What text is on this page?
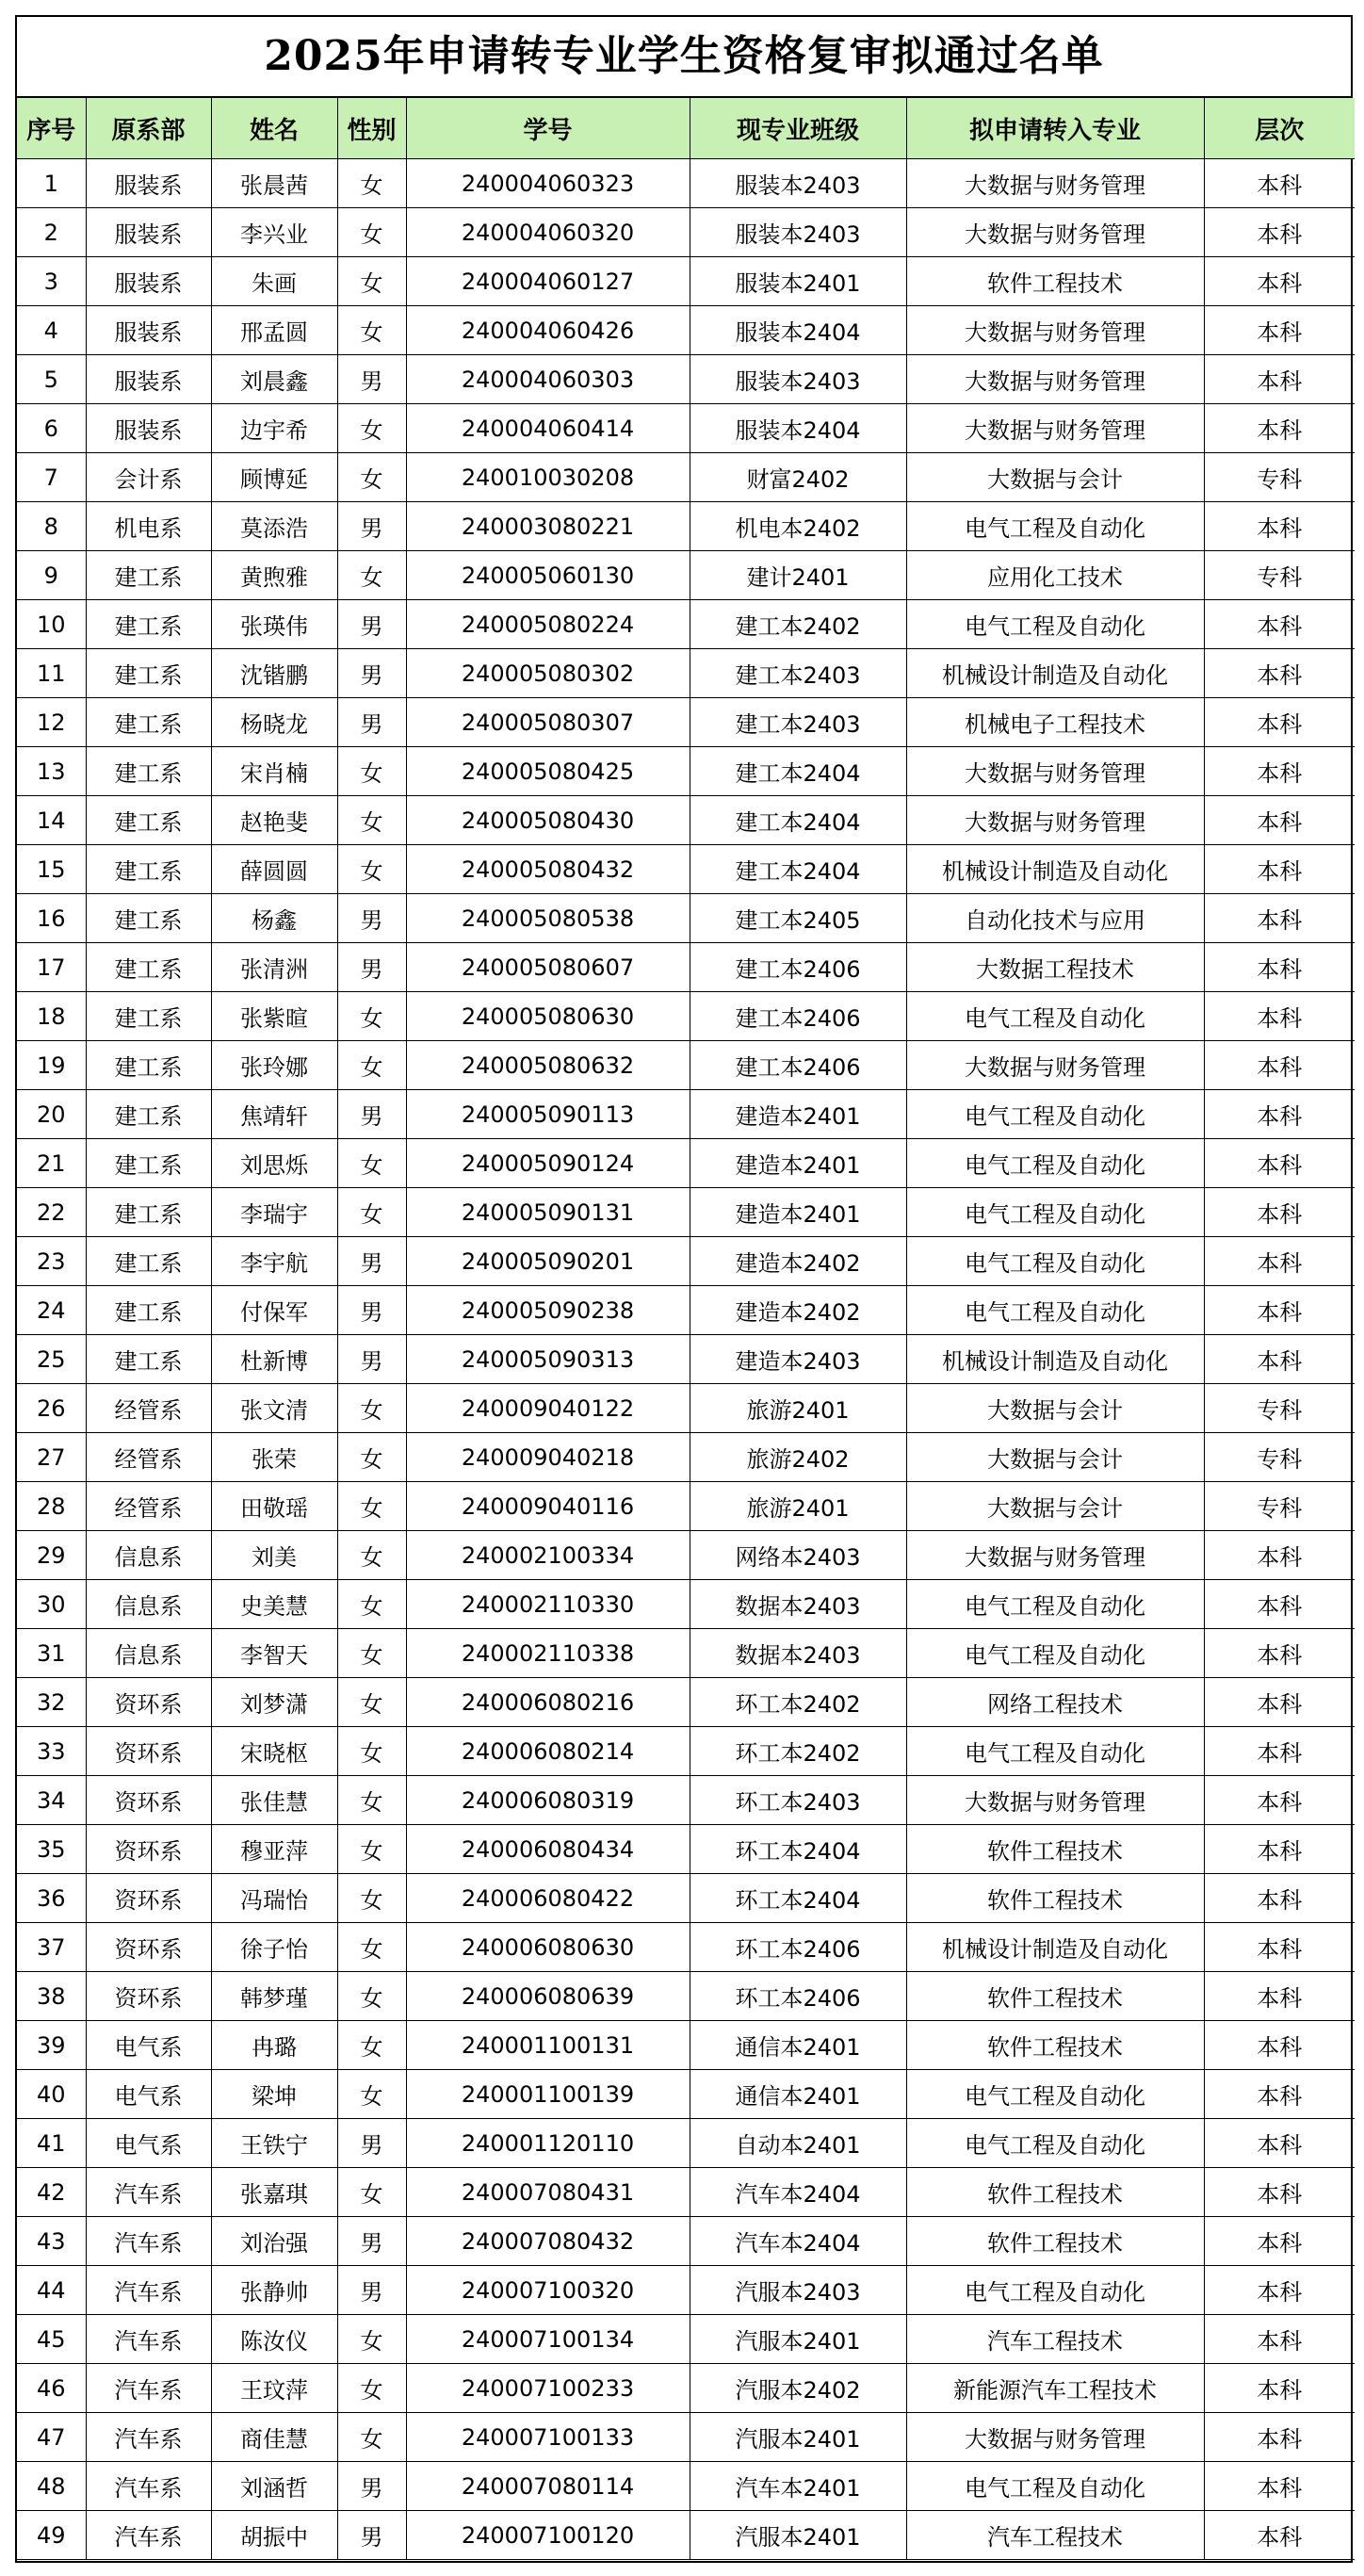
2025年申请转专业学生资格复审拟通过名单
序号	原系部	姓名	性别	学号	现专业班级	拟申请转入专业	层次
1	服装系	张晨茜	女	240004060323	服装本2403	大数据与财务管理	本科
2	服装系	李兴业	女	240004060320	服装本2403	大数据与财务管理	本科
3	服装系	朱画	女	240004060127	服装本2401	软件工程技术	本科
4	服装系	邢孟圆	女	240004060426	服装本2404	大数据与财务管理	本科
5	服装系	刘晨鑫	男	240004060303	服装本2403	大数据与财务管理	本科
6	服装系	边宇希	女	240004060414	服装本2404	大数据与财务管理	本科
7	会计系	顾博延	女	240010030208	财富2402	大数据与会计	专科
8	机电系	莫添浩	男	240003080221	机电本2402	电气工程及自动化	本科
9	建工系	黄煦雅	女	240005060130	建计2401	应用化工技术	专科
10	建工系	张瑛伟	男	240005080224	建工本2402	电气工程及自动化	本科
11	建工系	沈锴鹏	男	240005080302	建工本2403	机械设计制造及自动化	本科
12	建工系	杨晓龙	男	240005080307	建工本2403	机械电子工程技术	本科
13	建工系	宋肖楠	女	240005080425	建工本2404	大数据与财务管理	本科
14	建工系	赵艳斐	女	240005080430	建工本2404	大数据与财务管理	本科
15	建工系	薛圆圆	女	240005080432	建工本2404	机械设计制造及自动化	本科
16	建工系	杨鑫	男	240005080538	建工本2405	自动化技术与应用	本科
17	建工系	张清洲	男	240005080607	建工本2406	大数据工程技术	本科
18	建工系	张紫暄	女	240005080630	建工本2406	电气工程及自动化	本科
19	建工系	张玲娜	女	240005080632	建工本2406	大数据与财务管理	本科
20	建工系	焦靖轩	男	240005090113	建造本2401	电气工程及自动化	本科
21	建工系	刘思烁	女	240005090124	建造本2401	电气工程及自动化	本科
22	建工系	李瑞宇	女	240005090131	建造本2401	电气工程及自动化	本科
23	建工系	李宇航	男	240005090201	建造本2402	电气工程及自动化	本科
24	建工系	付保军	男	240005090238	建造本2402	电气工程及自动化	本科
25	建工系	杜新博	男	240005090313	建造本2403	机械设计制造及自动化	本科
26	经管系	张文清	女	240009040122	旅游2401	大数据与会计	专科
27	经管系	张荣	女	240009040218	旅游2402	大数据与会计	专科
28	经管系	田敬瑶	女	240009040116	旅游2401	大数据与会计	专科
29	信息系	刘美	女	240002100334	网络本2403	大数据与财务管理	本科
30	信息系	史美慧	女	240002110330	数据本2403	电气工程及自动化	本科
31	信息系	李智天	女	240002110338	数据本2403	电气工程及自动化	本科
32	资环系	刘梦潇	女	240006080216	环工本2402	网络工程技术	本科
33	资环系	宋晓枢	女	240006080214	环工本2402	电气工程及自动化	本科
34	资环系	张佳慧	女	240006080319	环工本2403	大数据与财务管理	本科
35	资环系	穆亚萍	女	240006080434	环工本2404	软件工程技术	本科
36	资环系	冯瑞怡	女	240006080422	环工本2404	软件工程技术	本科
37	资环系	徐子怡	女	240006080630	环工本2406	机械设计制造及自动化	本科
38	资环系	韩梦瑾	女	240006080639	环工本2406	软件工程技术	本科
39	电气系	冉璐	女	240001100131	通信本2401	软件工程技术	本科
40	电气系	梁坤	女	240001100139	通信本2401	电气工程及自动化	本科
41	电气系	王铁宁	男	240001120110	自动本2401	电气工程及自动化	本科
42	汽车系	张嘉琪	女	240007080431	汽车本2404	软件工程技术	本科
43	汽车系	刘治强	男	240007080432	汽车本2404	软件工程技术	本科
44	汽车系	张静帅	男	240007100320	汽服本2403	电气工程及自动化	本科
45	汽车系	陈汝仪	女	240007100134	汽服本2401	汽车工程技术	本科
46	汽车系	王玟萍	女	240007100233	汽服本2402	新能源汽车工程技术	本科
47	汽车系	商佳慧	女	240007100133	汽服本2401	大数据与财务管理	本科
48	汽车系	刘涵哲	男	240007080114	汽车本2401	电气工程及自动化	本科
49	汽车系	胡振中	男	240007100120	汽服本2401	汽车工程技术	本科
